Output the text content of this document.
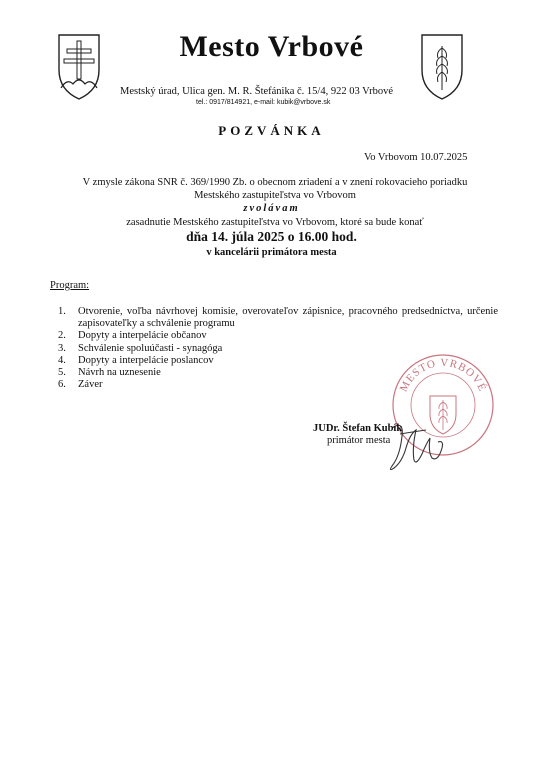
Mesto Vrbové
Mestský úrad, Ulica gen. M. R. Štefánika č. 15/4, 922 03 Vrbové
tel.: 0917/814921, e-mail: kubik@vrbove.sk
POZVÁNKA
Vo Vrbovom 10.07.2025
V zmysle zákona SNR č. 369/1990 Zb. o obecnom zriadení a v znení rokovacieho poriadku
Mestského zastupiteľstva vo Vrbovom
zvolávam
zasadnutie Mestského zastupiteľstva vo Vrbovom, ktoré sa bude konať
dňa 14. júla 2025 o 16.00 hod.
v kancelárii primátora mesta
Program:
1.	Otvorenie, voľba návrhovej komisie, overovateľov zápisnice, pracovného predsedníctva, určenie zapisovateľky a schválenie programu
2.	Dopyty a interpelácie občanov
3.	Schválenie spoluúčasti - synagóga
4.	Dopyty a interpelácie poslancov
5.	Návrh na uznesenie
6.	Záver	MESTO VRBOVÉ
JUDr. Štefan Kubík
primátor mesta
